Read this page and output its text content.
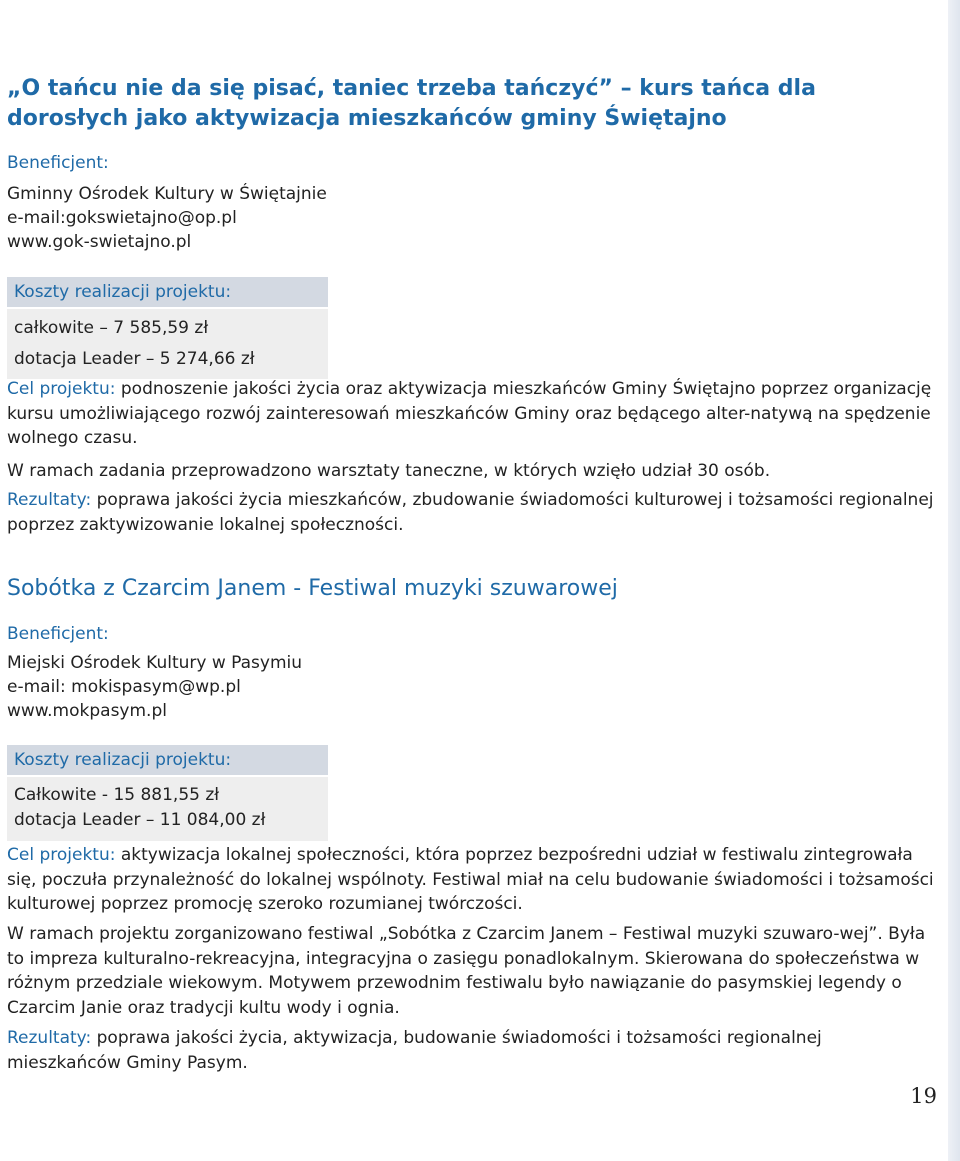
„O tańcu nie da się pisać, taniec trzeba tańczyć” – kurs tańca dla dorosłych jako aktywizacja mieszkańców gminy Świętajno
Beneficjent:
Gminny Ośrodek Kultury w Świętajnie
e-mail:gokswietajno@op.pl
www.gok-swietajno.pl
Koszty realizacji projektu:
całkowite – 7 585,59 zł
dotacja Leader – 5 274,66 zł
Cel projektu: podnoszenie jakości życia oraz aktywizacja mieszkańców Gminy Świętajno poprzez organizację kursu umożliwiającego rozwój zainteresowań mieszkańców Gminy oraz będącego alter-natywą na spędzenie wolnego czasu.
W ramach zadania przeprowadzono warsztaty taneczne, w których wzięło udział 30 osób.
Rezultaty: poprawa jakości życia mieszkańców, zbudowanie świadomości kulturowej i tożsamości regionalnej poprzez zaktywizowanie lokalnej społeczności.
Sobótka z Czarcim Janem - Festiwal muzyki szuwarowej
Beneficjent:
Miejski Ośrodek Kultury w Pasymiu
e-mail: mokispasym@wp.pl
www.mokpasym.pl
Koszty realizacji projektu:
Całkowite - 15 881,55 zł
dotacja Leader – 11 084,00 zł
Cel projektu: aktywizacja lokalnej społeczności, która poprzez bezpośredni udział w festiwalu zintegrowała się, poczuła przynależność do lokalnej wspólnoty. Festiwal miał na celu budowanie świadomości i tożsamości kulturowej poprzez promocję szeroko rozumianej twórczości.
W ramach projektu zorganizowano festiwal „Sobótka z Czarcim Janem – Festiwal muzyki szuwaro-wej”. Była to impreza kulturalno-rekreacyjna, integracyjna o zasięgu ponadlokalnym. Skierowana do społeczeństwa w różnym przedziale wiekowym. Motywem przewodnim festiwalu było nawiązanie do pasymskiej legendy o Czarcim Janie oraz tradycji kultu wody i ognia.
Rezultaty: poprawa jakości życia, aktywizacja, budowanie świadomości i tożsamości regionalnej mieszkańców Gminy Pasym.
19
